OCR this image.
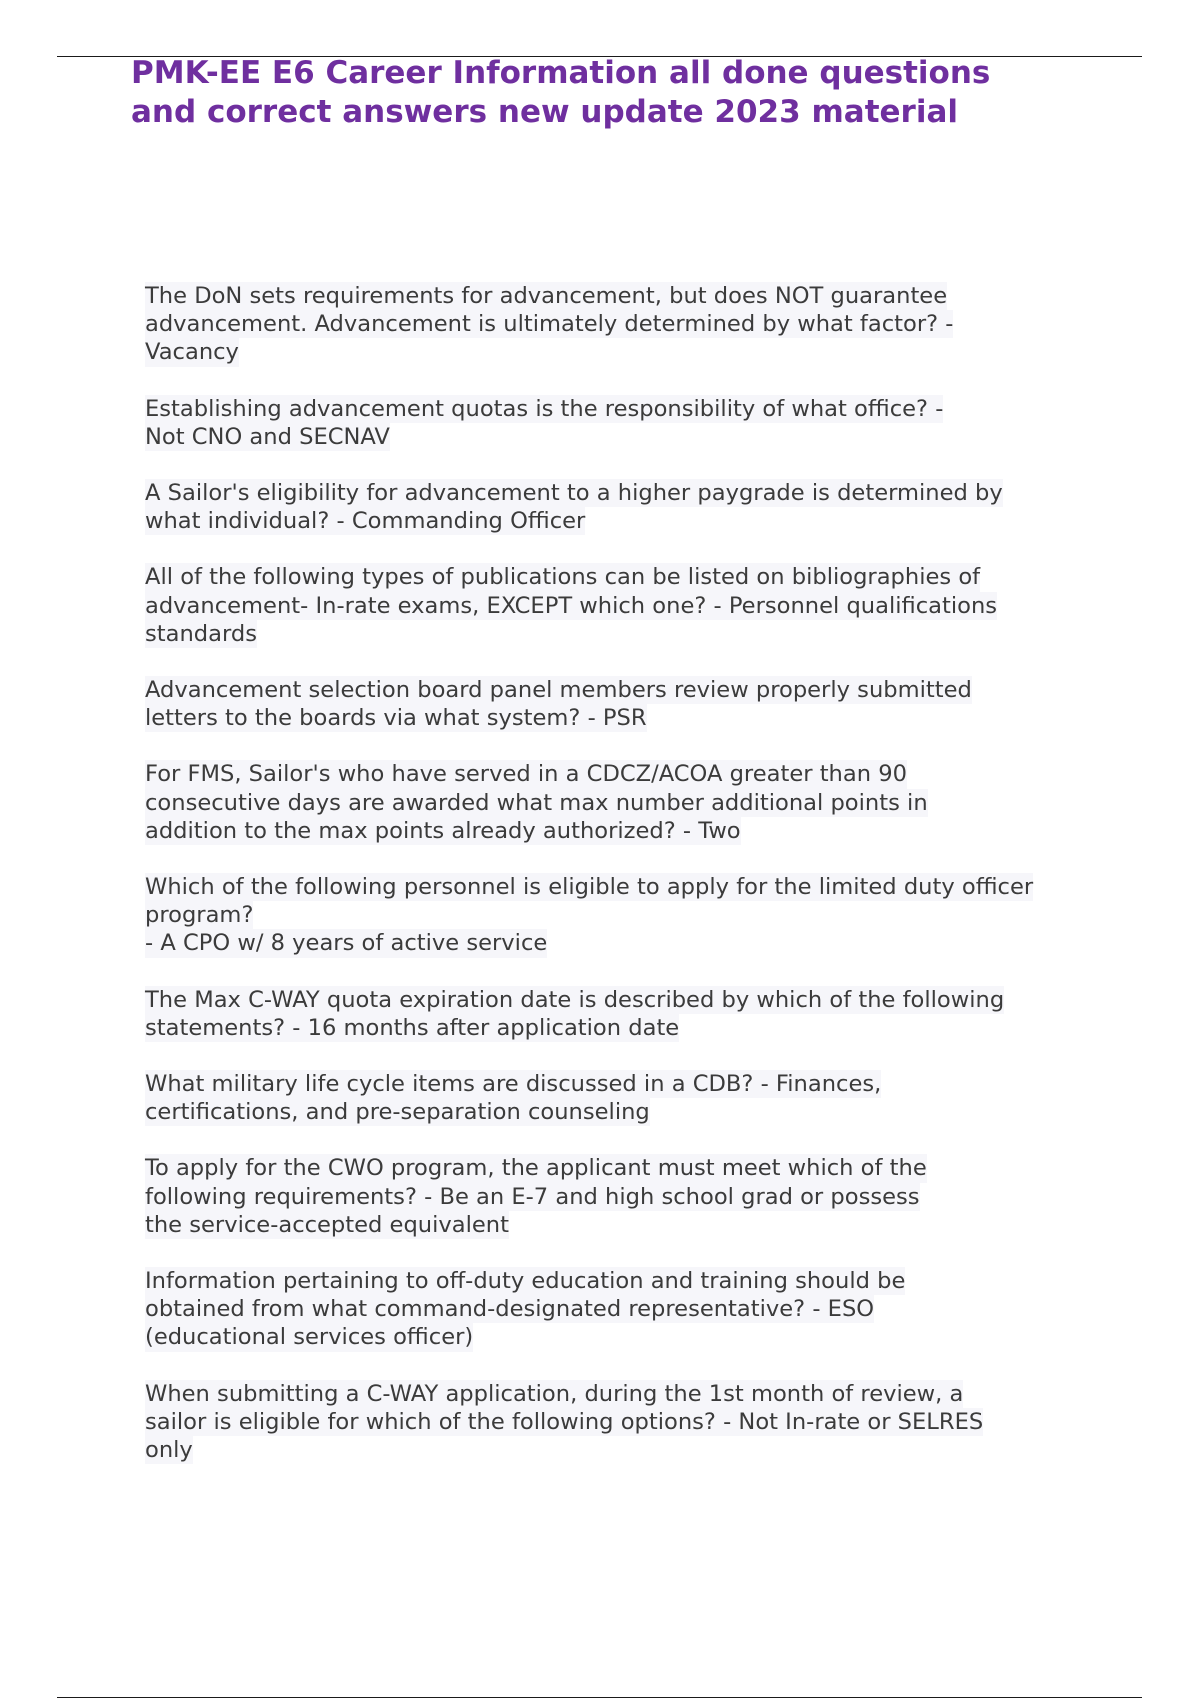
PMK-EE E6 Career Information all done questions
and correct answers new update 2023 material
The DoN sets requirements for advancement, but does NOT guarantee
advancement. Advancement is ultimately determined by what factor? -
Vacancy
Establishing advancement quotas is the responsibility of what office? -
Not CNO and SECNAV
A Sailor's eligibility for advancement to a higher paygrade is determined by
what individual? - Commanding Officer
All of the following types of publications can be listed on bibliographies of
advancement- In-rate exams, EXCEPT which one? - Personnel qualifications
standards
Advancement selection board panel members review properly submitted
letters to the boards via what system? - PSR
For FMS, Sailor's who have served in a CDCZ/ACOA greater than 90
consecutive days are awarded what max number additional points in
addition to the max points already authorized? - Two
Which of the following personnel is eligible to apply for the limited duty officer
program?
- A CPO w/ 8 years of active service
The Max C-WAY quota expiration date is described by which of the following
statements? - 16 months after application date
What military life cycle items are discussed in a CDB? - Finances,
certifications, and pre-separation counseling
To apply for the CWO program, the applicant must meet which of the
following requirements? - Be an E-7 and high school grad or possess
the service-accepted equivalent
Information pertaining to off-duty education and training should be
obtained from what command-designated representative? - ESO
(educational services officer)
When submitting a C-WAY application, during the 1st month of review, a
sailor is eligible for which of the following options? - Not In-rate or SELRES
only
